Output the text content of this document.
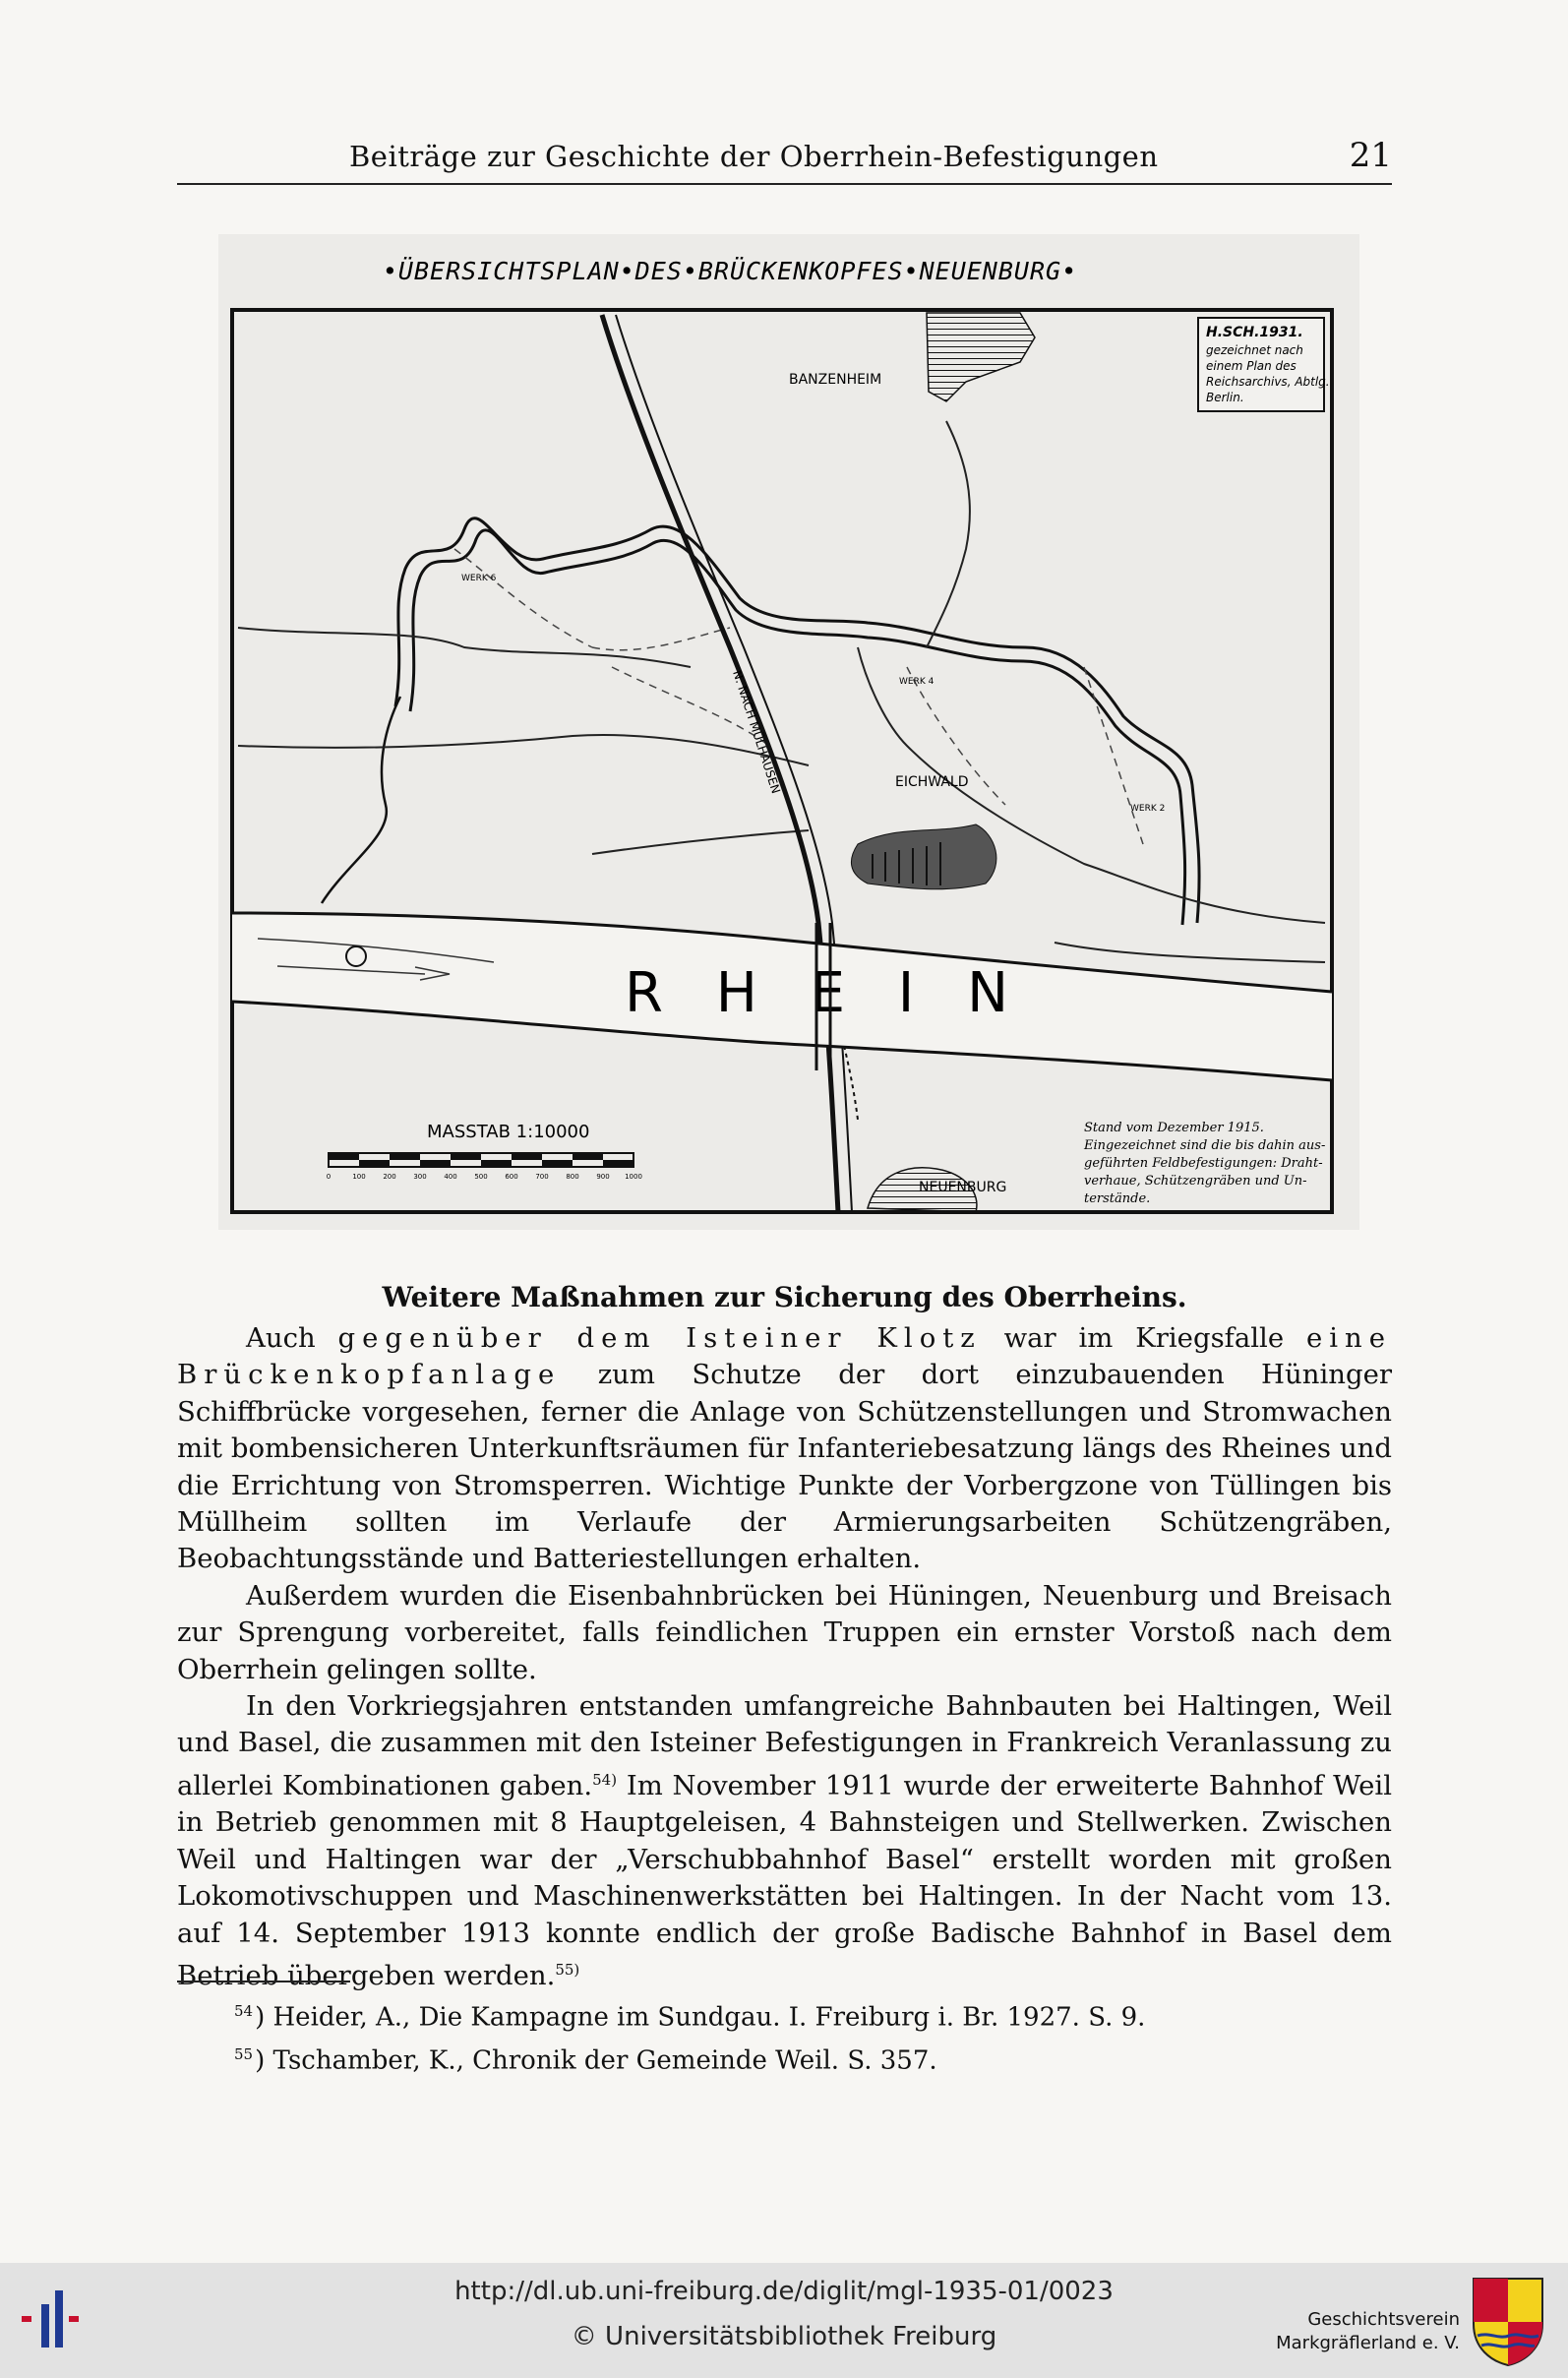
Beiträge zur Geschichte der Oberrhein-Befestigungen	21
•ÜBERSICHTSPLAN•DES•BRÜCKENKOPFES•NEUENBURG•
H.SCH.1931. gezeichnet nach einem Plan des Reichsarchivs, Abtlg. Berlin.
BANZENHEIM
N. NACH MÜLHAUSEN	EICHWALD
WERK 4
WERK 2
WERK 6
R H E I N
NEUENBURG
MASSTAB 1:10000
0	100	200	300	400	500	600	700	800	900 1000
Stand vom Dezember 1915. Eingezeichnet sind die bis dahin aus- geführten Feldbefestigungen: Draht- verhaue, Schützengräben und Un- terstände.
Weitere Maßnahmen zur Sicherung des Oberrheins.

Auch gegenüber dem Isteiner Klotz war im Kriegsfalle eine Brückenkopfanlage zum Schutze der dort einzubauenden Hüninger Schiffbrücke vorgesehen, ferner die Anlage von Schützenstellungen und Stromwachen mit bombensicheren Unterkunftsräumen für Infanteriebesatzung längs des Rheines und die Errichtung von Stromsperren. Wichtige Punkte der Vorbergzone von Tüllingen bis Müllheim sollten im Verlaufe der Armierungsarbeiten Schützengräben, Beobachtungsstände und Batteriestellungen erhalten.

Außerdem wurden die Eisenbahnbrücken bei Hüningen, Neuenburg und Breisach zur Sprengung vorbereitet, falls feindlichen Truppen ein ernster Vorstoß nach dem Oberrhein gelingen sollte.

In den Vorkriegsjahren entstanden umfangreiche Bahnbauten bei Haltingen, Weil und Basel, die zusammen mit den Isteiner Befestigungen in Frankreich Veranlassung zu allerlei Kombinationen gaben.$^{54)}$ Im November 1911 wurde der erweiterte Bahnhof Weil in Betrieb genommen mit 8 Hauptgeleisen, 4 Bahnsteigen und Stellwerken. Zwischen Weil und Haltingen war der „Verschubbahnhof Basel“ erstellt worden mit großen Lokomotivschuppen und Maschinenwerkstätten bei Haltingen. In der Nacht vom 13. auf 14. September 1913 konnte endlich der große Badische Bahnhof in Basel dem Betrieb übergeben werden.$^{55)}$

$^{54}$) Heider, A., Die Kampagne im Sundgau. I. Freiburg i. Br. 1927. S. 9.
$^{55}$) Tschamber, K., Chronik der Gemeinde Weil. S. 357.
http://dl.ub.uni-freiburg.de/diglit/mgl-1935-01/0023
© Universitätsbibliothek Freiburg
Geschichtsverein
Markgräflerland e. V.
